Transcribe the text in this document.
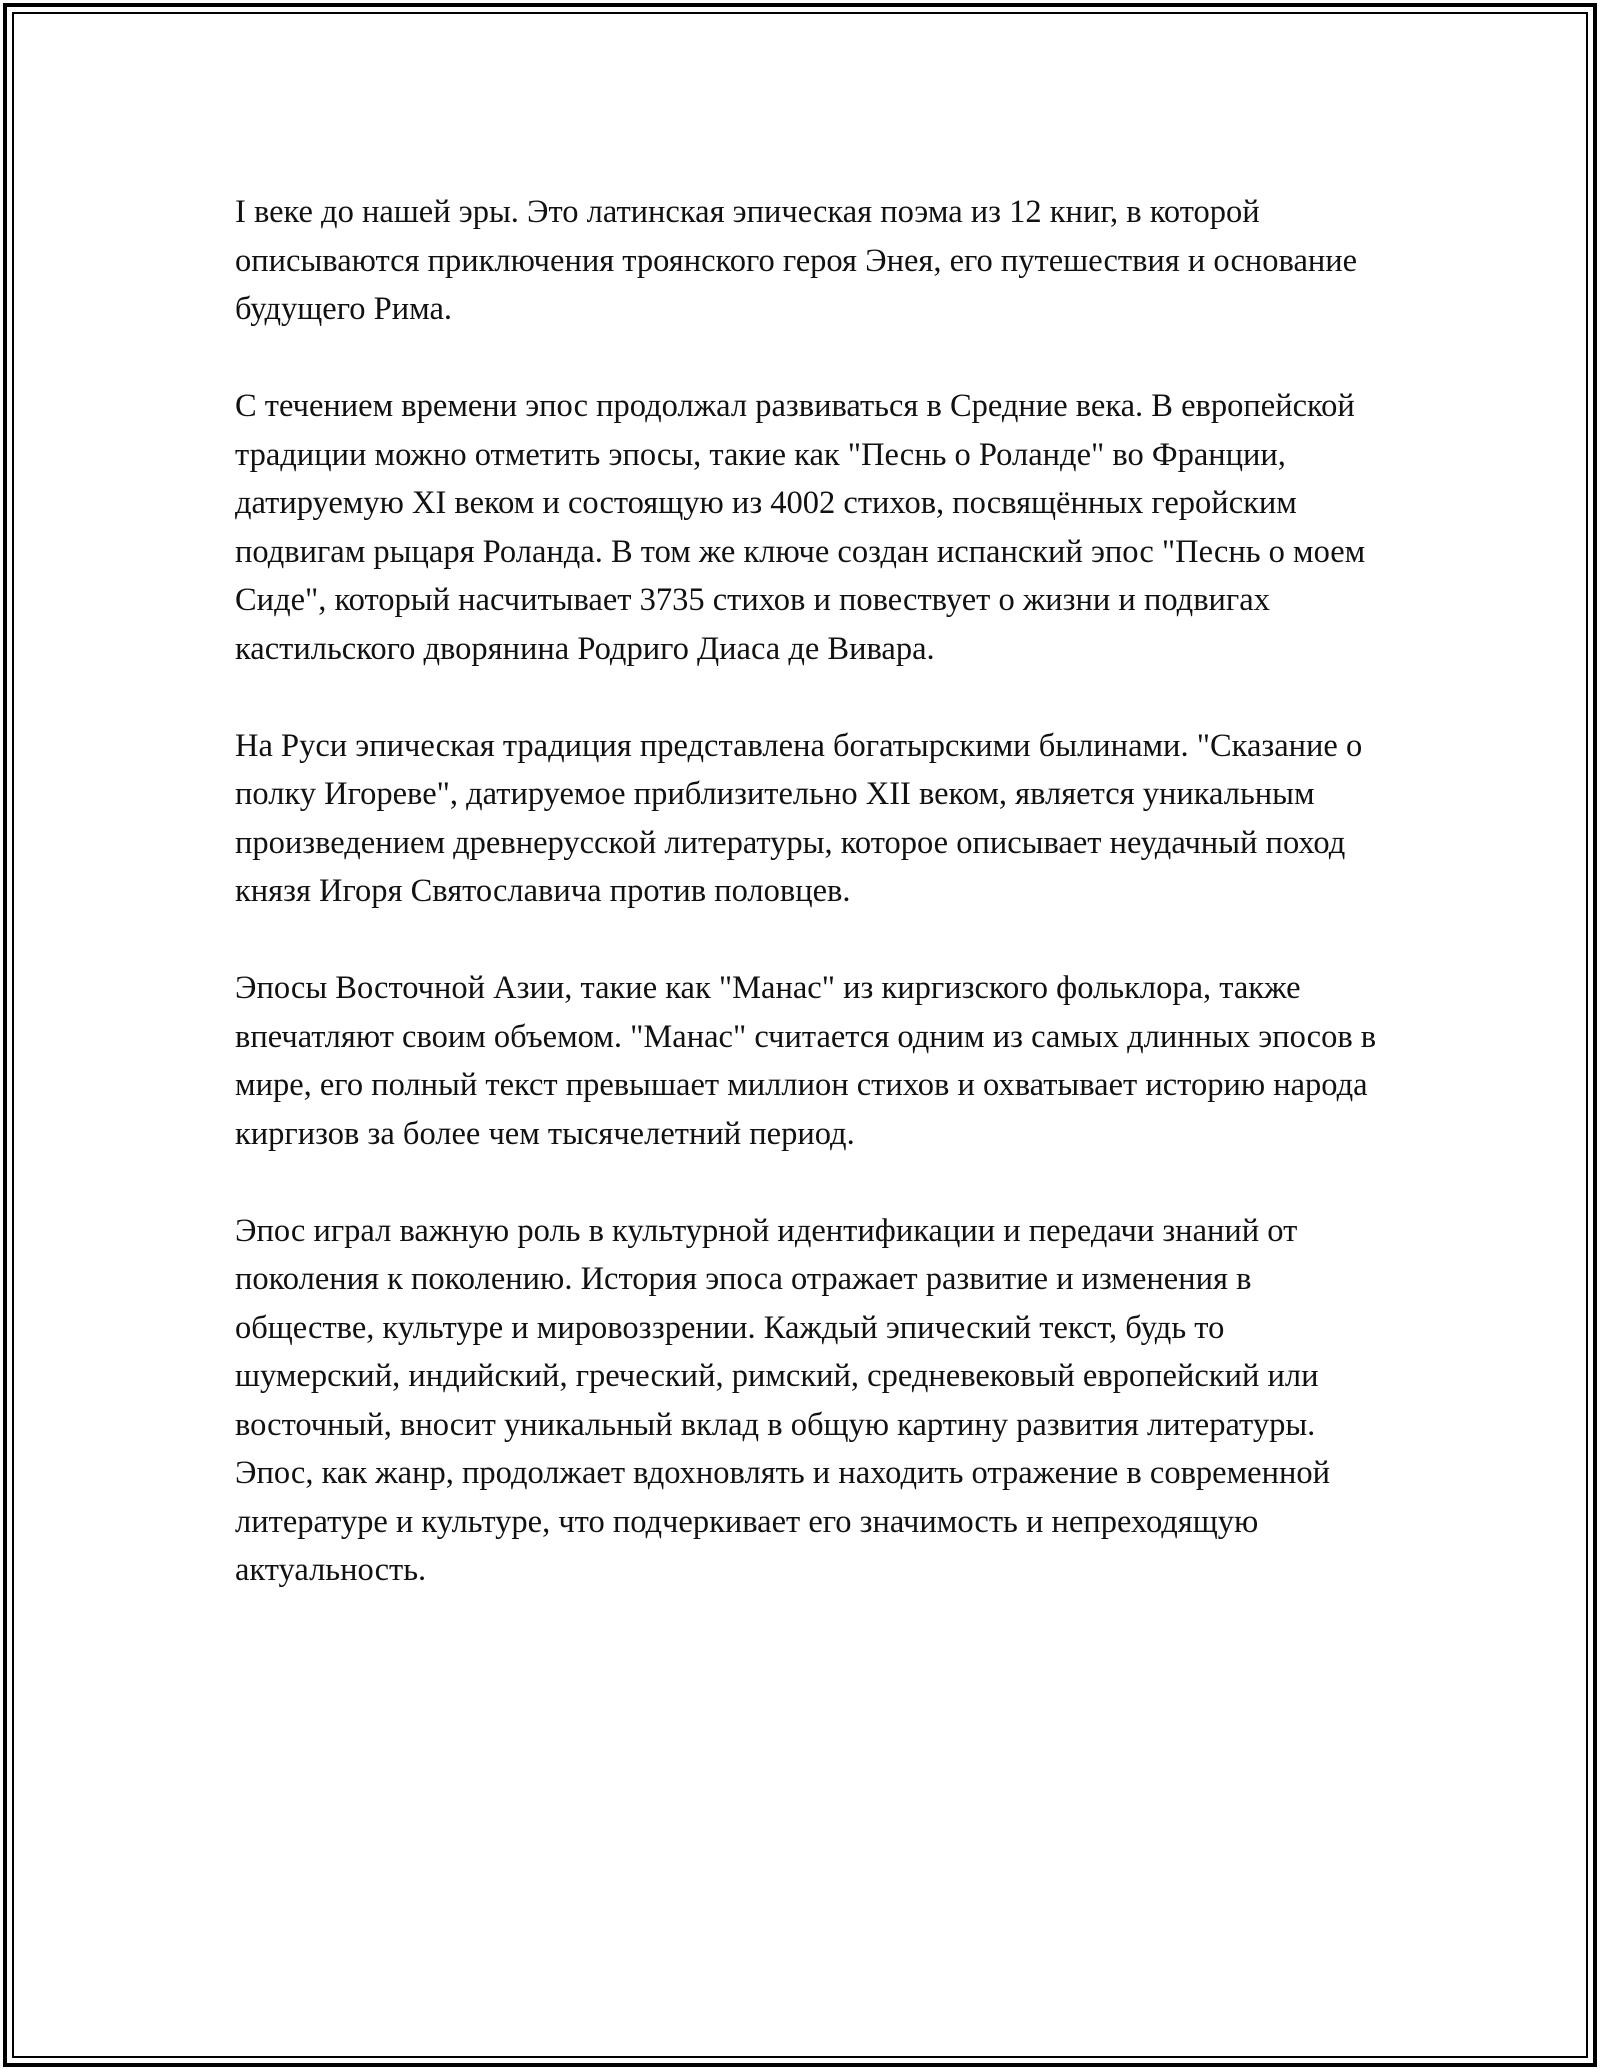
I веке до нашей эры. Это латинская эпическая поэма из 12 книг, в которой описываются приключения троянского героя Энея, его путешествия и основание будущего Рима.

С течением времени эпос продолжал развиваться в Средние века. В европейской традиции можно отметить эпосы, такие как "Песнь о Роланде" во Франции, датируемую XI веком и состоящую из 4002 стихов, посвящённых геройским подвигам рыцаря Роланда. В том же ключе создан испанский эпос "Песнь о моем Сиде", который насчитывает 3735 стихов и повествует о жизни и подвигах кастильского дворянина Родриго Диаса де Вивара.

На Руси эпическая традиция представлена богатырскими былинами. "Сказание о полку Игореве", датируемое приблизительно XII веком, является уникальным произведением древнерусской литературы, которое описывает неудачный поход князя Игоря Святославича против половцев.

Эпосы Восточной Азии, такие как "Манас" из киргизского фольклора, также впечатляют своим объемом. "Манас" считается одним из самых длинных эпосов в мире, его полный текст превышает миллион стихов и охватывает историю народа киргизов за более чем тысячелетний период.

Эпос играл важную роль в культурной идентификации и передачи знаний от поколения к поколению. История эпоса отражает развитие и изменения в обществе, культуре и мировоззрении. Каждый эпический текст, будь то шумерский, индийский, греческий, римский, средневековый европейский или восточный, вносит уникальный вклад в общую картину развития литературы. Эпос, как жанр, продолжает вдохновлять и находить отражение в современной литературе и культуре, что подчеркивает его значимость и непреходящую актуальность.
